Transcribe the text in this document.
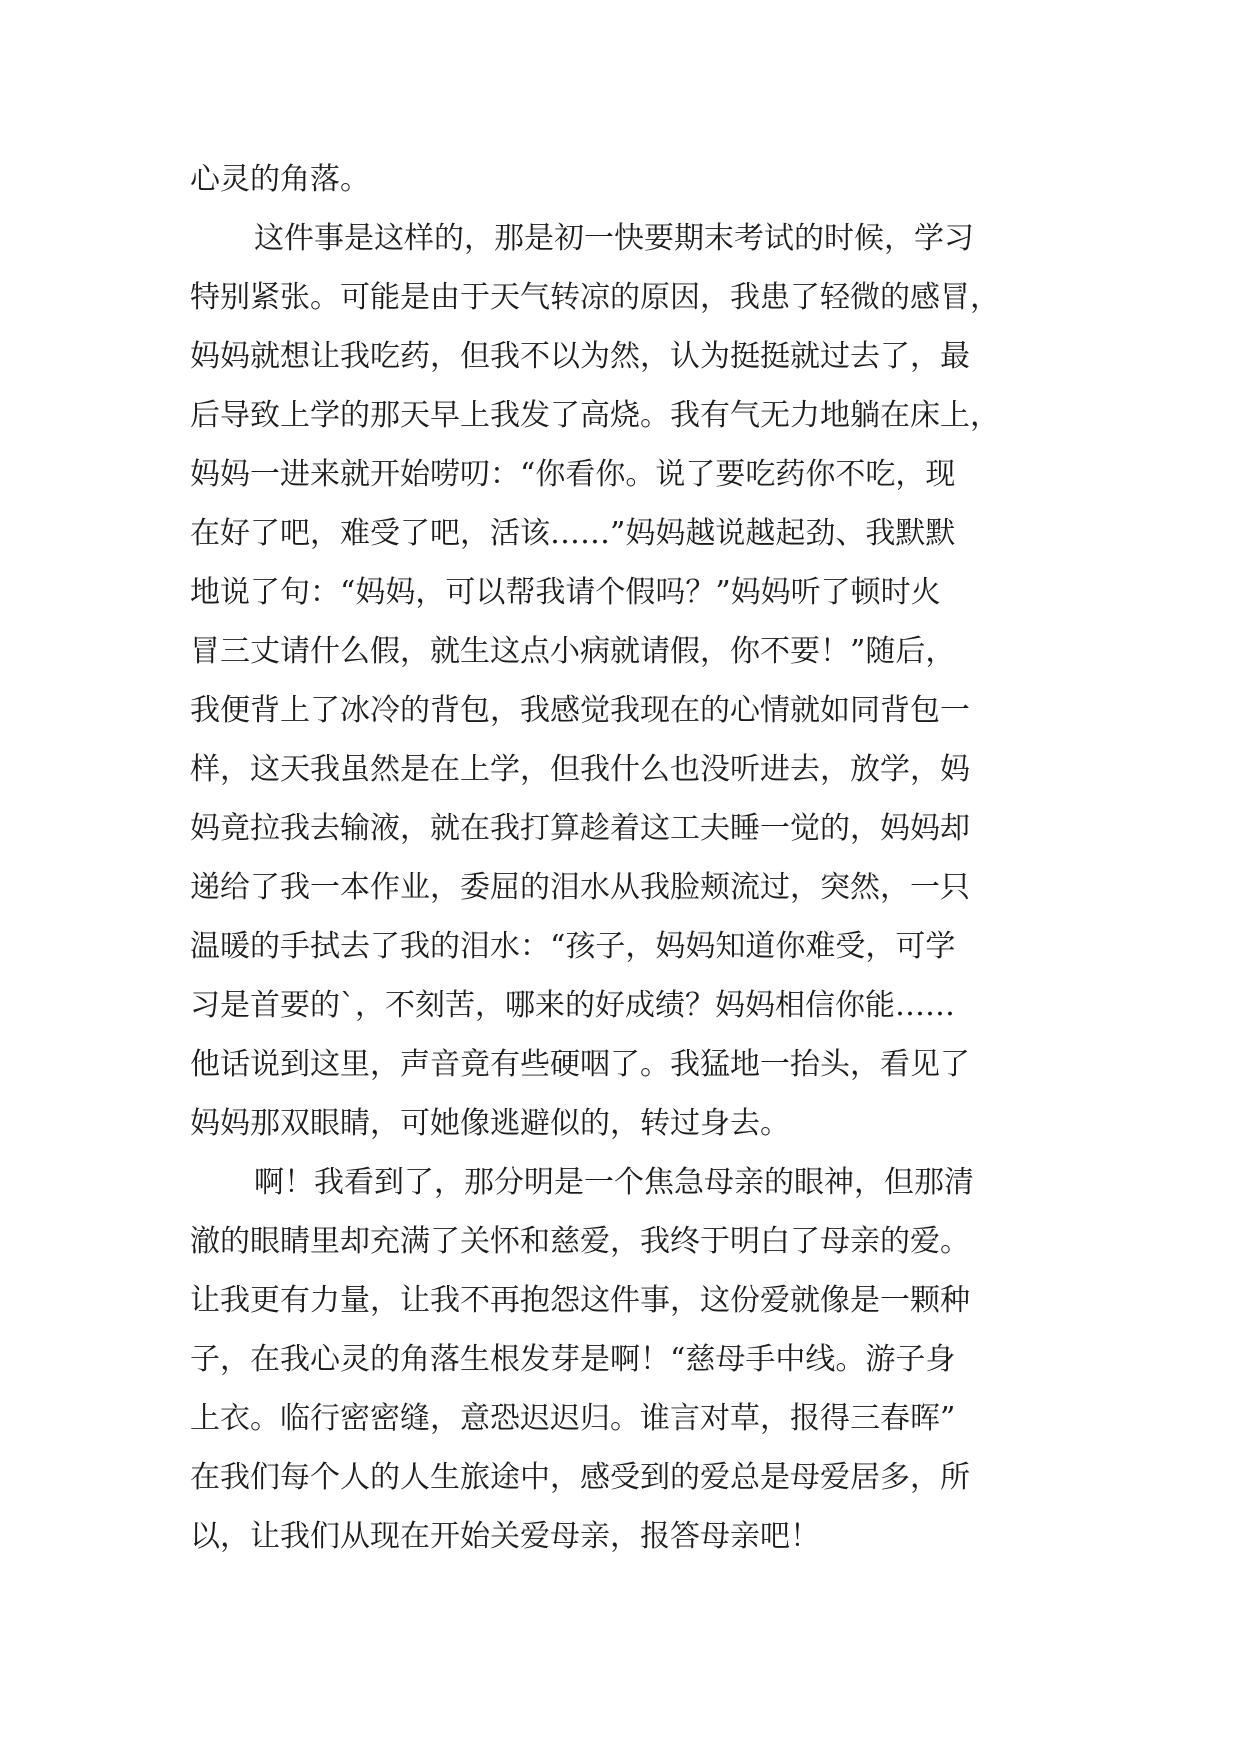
心灵的角落。
这件事是这样的，那是初一快要期末考试的时候，学习
特别紧张。可能是由于天气转凉的原因，我患了轻微的感冒，
妈妈就想让我吃药，但我不以为然，认为挺挺就过去了，最
后导致上学的那天早上我发了高烧。我有气无力地躺在床上，
妈妈一进来就开始唠叨：“你看你。说了要吃药你不吃，现
在好了吧，难受了吧，活该……”妈妈越说越起劲、我默默
地说了句：“妈妈，可以帮我请个假吗？”妈妈听了顿时火
冒三丈请什么假，就生这点小病就请假，你不要！”随后，
我便背上了冰冷的背包，我感觉我现在的心情就如同背包一
样，这天我虽然是在上学，但我什么也没听进去，放学，妈
妈竟拉我去输液，就在我打算趁着这工夫睡一觉的，妈妈却
递给了我一本作业，委屈的泪水从我脸颊流过，突然，一只
温暖的手拭去了我的泪水：“孩子，妈妈知道你难受，可学
习是首要的`，不刻苦，哪来的好成绩？妈妈相信你能……
他话说到这里，声音竟有些硬咽了。我猛地一抬头，看见了
妈妈那双眼睛，可她像逃避似的，转过身去。
啊！我看到了，那分明是一个焦急母亲的眼神，但那清
澈的眼睛里却充满了关怀和慈爱，我终于明白了母亲的爱。
让我更有力量，让我不再抱怨这件事，这份爱就像是一颗种
子，在我心灵的角落生根发芽是啊！“慈母手中线。游子身
上衣。临行密密缝，意恐迟迟归。谁言对草，报得三春晖”
在我们每个人的人生旅途中，感受到的爱总是母爱居多，所
以，让我们从现在开始关爱母亲，报答母亲吧！
